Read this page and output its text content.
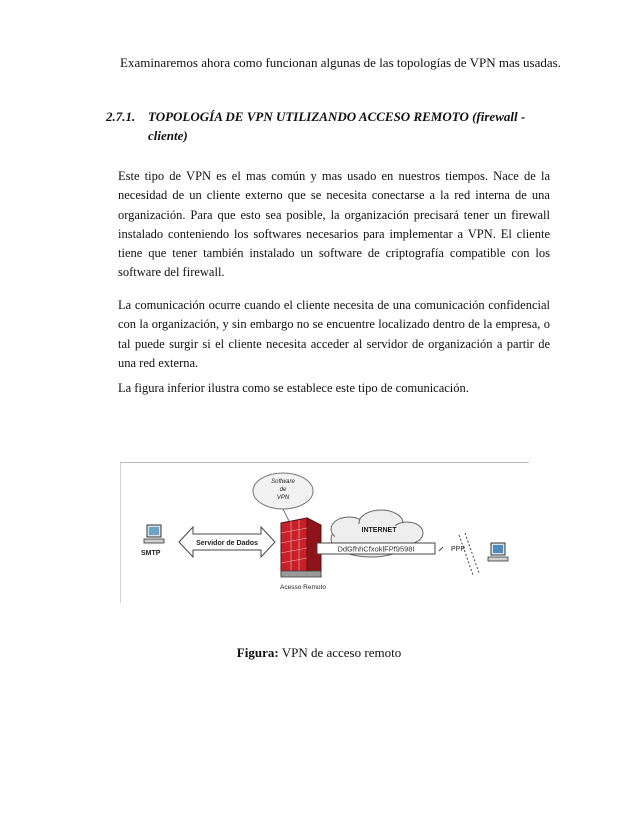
Examinaremos ahora como funcionan algunas de las topologías de VPN mas usadas.
2.7.1. TOPOLOGÍA DE VPN UTILIZANDO ACCESO REMOTO (firewall -
cliente)

Este tipo de VPN es el mas común y mas usado en nuestros tiempos. Nace de la necesidad de un cliente externo que se necesita conectarse a la red interna de una organización. Para que esto sea posible, la organización precisará tener un firewall instalado conteniendo los softwares necesarios para implementar a VPN. El cliente tiene que tener también instalado un software de criptografía compatible con los software del firewall.

La comunicación ocurre cuando el cliente necesita de una comunicación confidencial con la organización, y sin embargo no se encuentre localizado dentro de la empresa, o tal puede surgir si el cliente necesita acceder al servidor de organización a partir de una red externa.

La figura inferior ilustra como se establece este tipo de comunicación.

Software
de
VPN
SMTP
Servidor de Dados
Acesso Remoto
INTERNET
DdGfhhCfxoklFPf9598I	PPP
Figura: VPN de acceso remoto
